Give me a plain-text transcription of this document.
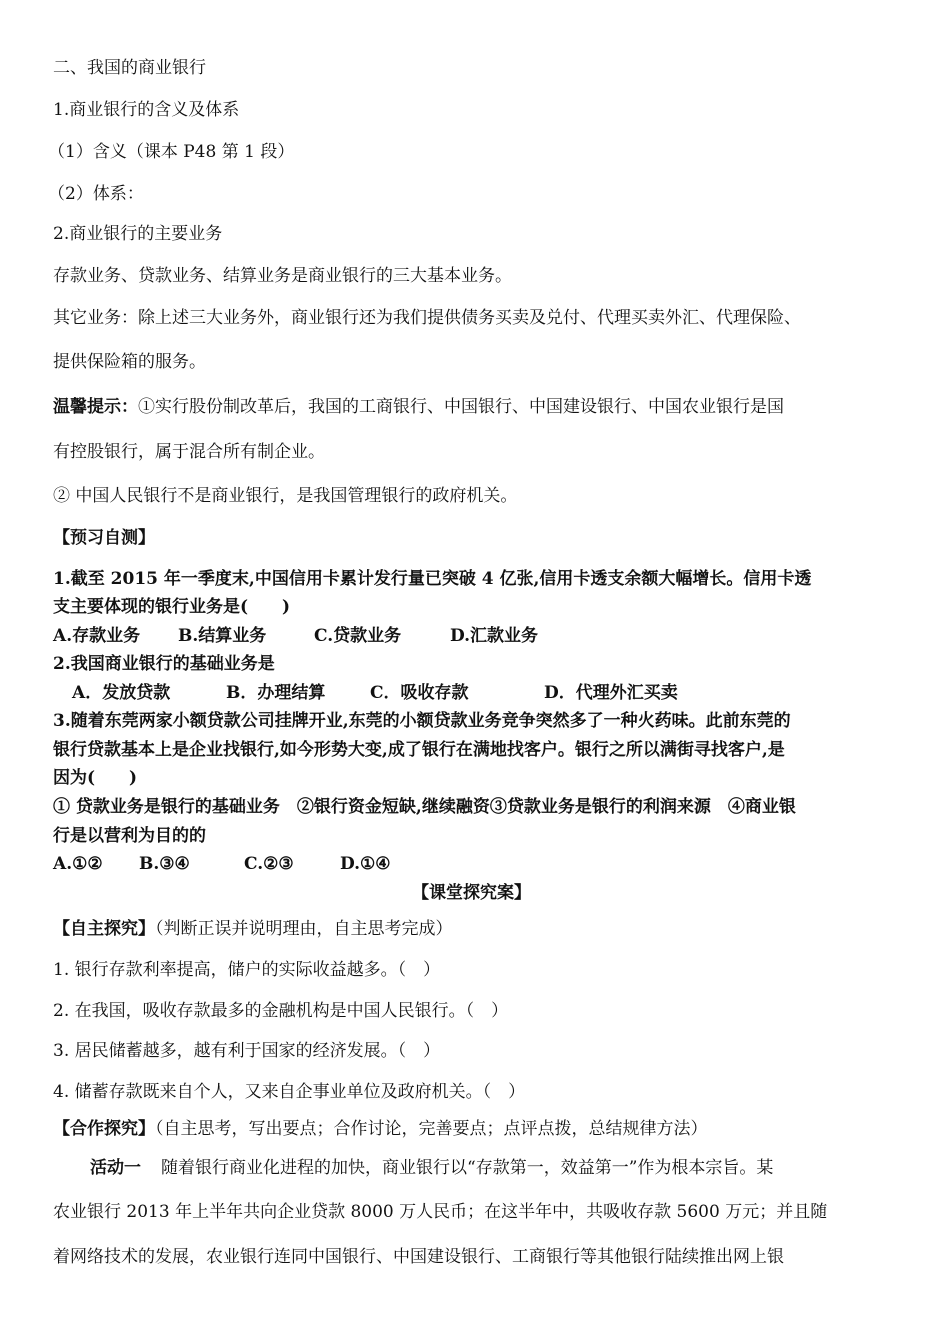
二、我国的商业银行
1.商业银行的含义及体系
（1）含义（课本 P48 第 1 段）
（2）体系：
2.商业银行的主要业务
存款业务、贷款业务、结算业务是商业银行的三大基本业务。
其它业务：除上述三大业务外，商业银行还为我们提供债务买卖及兑付、代理买卖外汇、代理保险、
提供保险箱的服务。
温馨提示：①实行股份制改革后，我国的工商银行、中国银行、中国建设银行、中国农业银行是国
有控股银行，属于混合所有制企业。
② 中国人民银行不是商业银行，是我国管理银行的政府机关。
【预习自测】
1.截至 2015 年一季度末,中国信用卡累计发行量已突破 4 亿张,信用卡透支余额大幅增长。信用卡透
支主要体现的银行业务是(　　)
A.存款业务 B.结算业务	C.贷款业务	D.汇款业务
2.我国商业银行的基础业务是
A．发放贷款	B．办理结算	C．吸收存款	D．代理外汇买卖
3.随着东莞两家小额贷款公司挂牌开业,东莞的小额贷款业务竞争突然多了一种火药味。此前东莞的
银行贷款基本上是企业找银行,如今形势大变,成了银行在满地找客户。银行之所以满街寻找客户,是
因为(　　)
① 贷款业务是银行的基础业务　②银行资金短缺,继续融资③贷款业务是银行的利润来源　④商业银
行是以营利为目的的
A.①② B.③④	C.②③	D.①④
【课堂探究案】
【自主探究】（判断正误并说明理由，自主思考完成）
1. 银行存款利率提高，储户的实际收益越多。（　）
2. 在我国，吸收存款最多的金融机构是中国人民银行。（　）
3. 居民储蓄越多，越有利于国家的经济发展。（　）
4. 储蓄存款既来自个人，又来自企事业单位及政府机关。（　）
【合作探究】（自主思考，写出要点；合作讨论，完善要点；点评点拨，总结规律方法）
活动一 随着银行商业化进程的加快，商业银行以“存款第一，效益第一”作为根本宗旨。某
农业银行 2013 年上半年共向企业贷款 8000 万人民币；在这半年中，共吸收存款 5600 万元；并且随
着网络技术的发展，农业银行连同中国银行、中国建设银行、工商银行等其他银行陆续推出网上银
